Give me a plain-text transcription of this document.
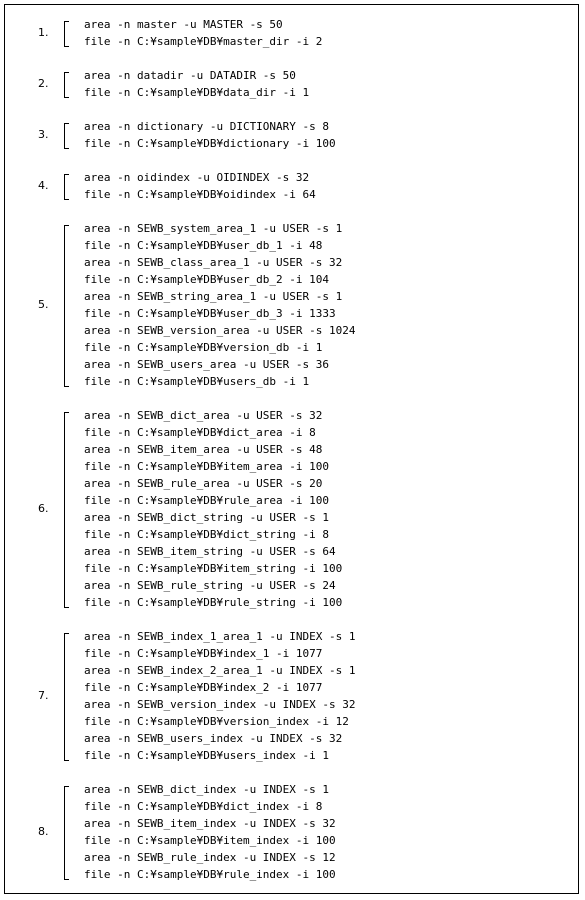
1.
area -n master -u MASTER -s 50
file -n C:¥sample¥DB¥master_dir -i 2
2.
area -n datadir -u DATADIR -s 50
file -n C:¥sample¥DB¥data_dir -i 1
3.
area -n dictionary -u DICTIONARY -s 8
file -n C:¥sample¥DB¥dictionary -i 100
4.
area -n oidindex -u OIDINDEX -s 32
file -n C:¥sample¥DB¥oidindex -i 64
5.
area -n SEWB_system_area_1 -u USER -s 1
file -n C:¥sample¥DB¥user_db_1 -i 48
area -n SEWB_class_area_1 -u USER -s 32
file -n C:¥sample¥DB¥user_db_2 -i 104
area -n SEWB_string_area_1 -u USER -s 1
file -n C:¥sample¥DB¥user_db_3 -i 1333
area -n SEWB_version_area -u USER -s 1024
file -n C:¥sample¥DB¥version_db -i 1
area -n SEWB_users_area -u USER -s 36
file -n C:¥sample¥DB¥users_db -i 1
6.
area -n SEWB_dict_area -u USER -s 32
file -n C:¥sample¥DB¥dict_area -i 8
area -n SEWB_item_area -u USER -s 48
file -n C:¥sample¥DB¥item_area -i 100
area -n SEWB_rule_area -u USER -s 20
file -n C:¥sample¥DB¥rule_area -i 100
area -n SEWB_dict_string -u USER -s 1
file -n C:¥sample¥DB¥dict_string -i 8
area -n SEWB_item_string -u USER -s 64
file -n C:¥sample¥DB¥item_string -i 100
area -n SEWB_rule_string -u USER -s 24
file -n C:¥sample¥DB¥rule_string -i 100
7.
area -n SEWB_index_1_area_1 -u INDEX -s 1
file -n C:¥sample¥DB¥index_1 -i 1077
area -n SEWB_index_2_area_1 -u INDEX -s 1
file -n C:¥sample¥DB¥index_2 -i 1077
area -n SEWB_version_index -u INDEX -s 32
file -n C:¥sample¥DB¥version_index -i 12
area -n SEWB_users_index -u INDEX -s 32
file -n C:¥sample¥DB¥users_index -i 1
8.
area -n SEWB_dict_index -u INDEX -s 1
file -n C:¥sample¥DB¥dict_index -i 8
area -n SEWB_item_index -u INDEX -s 32
file -n C:¥sample¥DB¥item_index -i 100
area -n SEWB_rule_index -u INDEX -s 12
file -n C:¥sample¥DB¥rule_index -i 100
